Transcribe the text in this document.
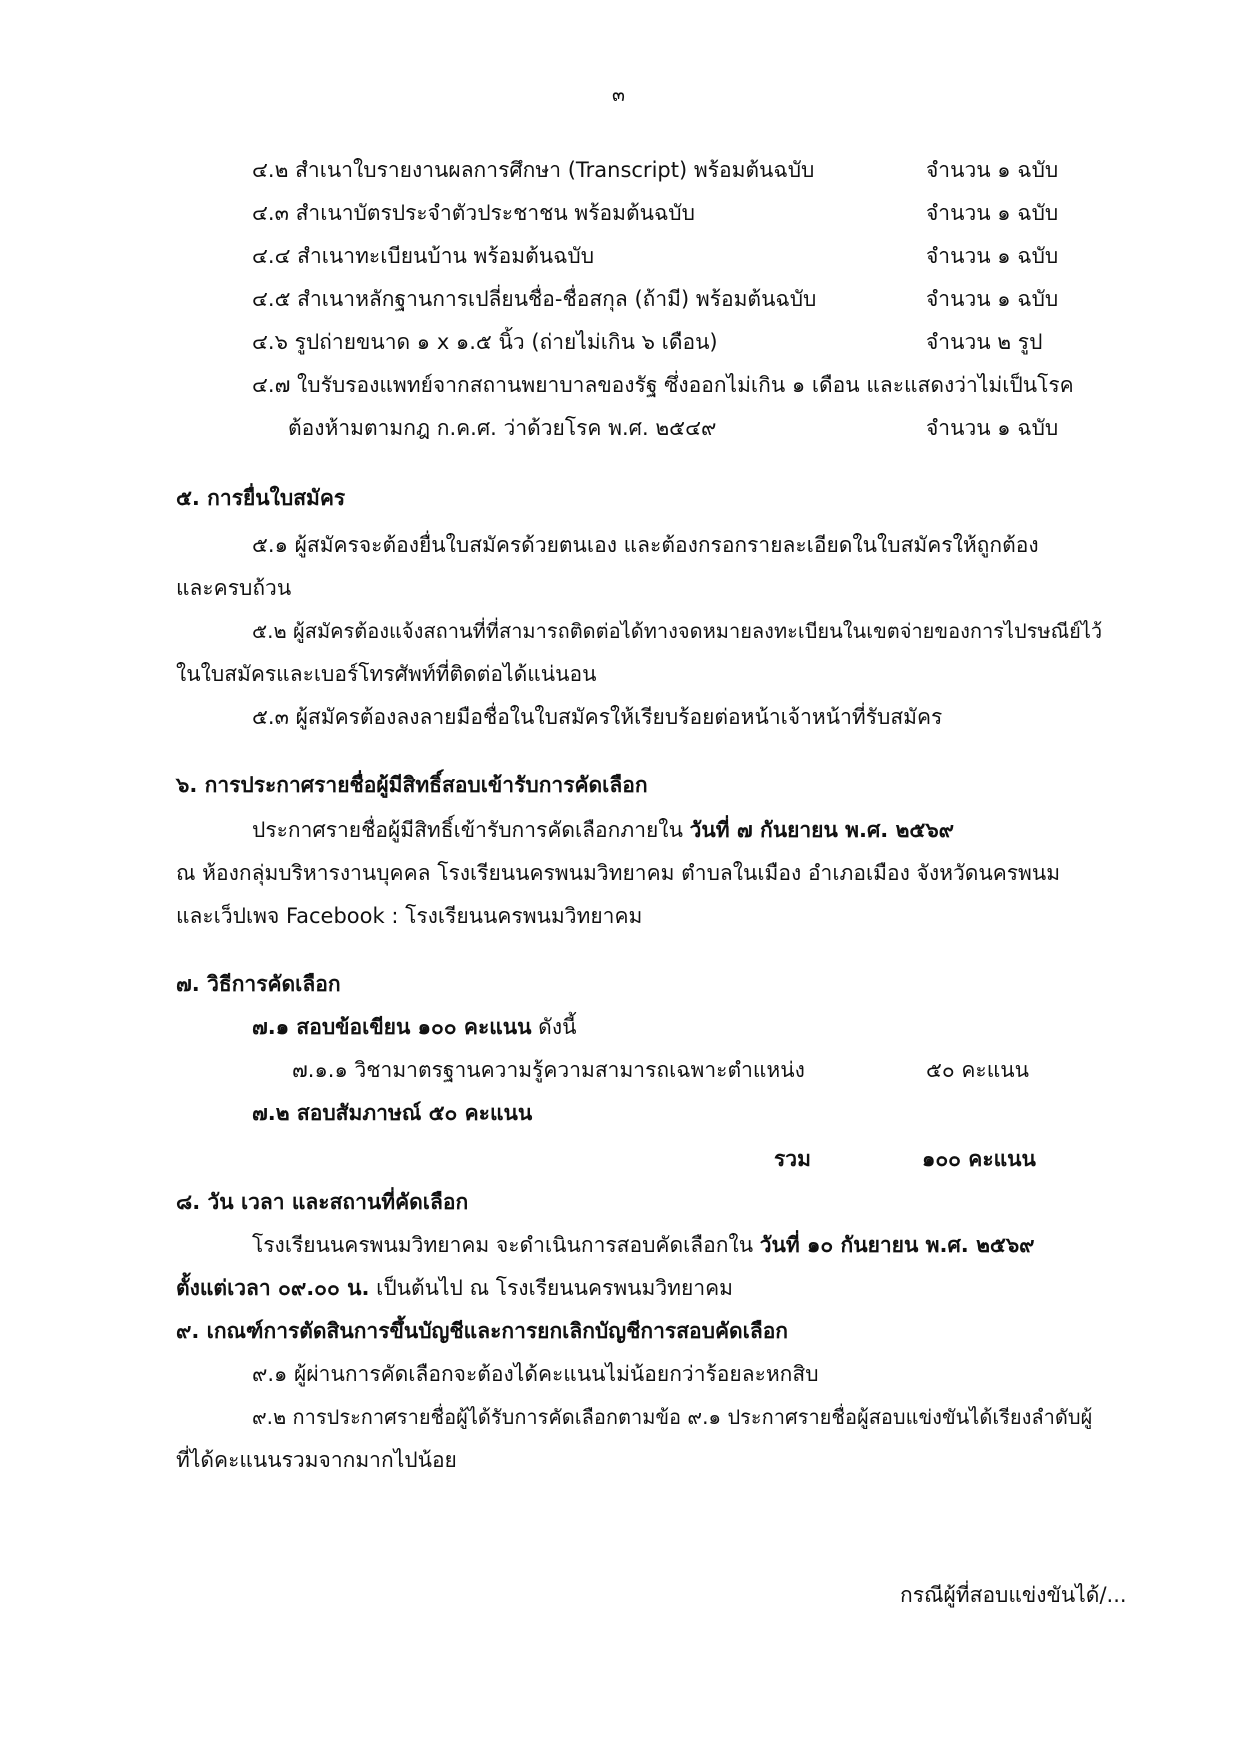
๓
๔.๒ สำเนาใบรายงานผลการศึกษา (Transcript) พร้อมต้นฉบับ	จำนวน ๑ ฉบับ
๔.๓ สำเนาบัตรประจำตัวประชาชน พร้อมต้นฉบับ	จำนวน ๑ ฉบับ
๔.๔ สำเนาทะเบียนบ้าน พร้อมต้นฉบับ	จำนวน ๑ ฉบับ
๔.๕ สำเนาหลักฐานการเปลี่ยนชื่อ-ชื่อสกุล (ถ้ามี) พร้อมต้นฉบับ	จำนวน ๑ ฉบับ
๔.๖ รูปถ่ายขนาด ๑ x ๑.๕ นิ้ว (ถ่ายไม่เกิน ๖ เดือน)	จำนวน ๒ รูป
๔.๗ ใบรับรองแพทย์จากสถานพยาบาลของรัฐ ซึ่งออกไม่เกิน ๑ เดือน และแสดงว่าไม่เป็นโรค
ต้องห้ามตามกฎ ก.ค.ศ. ว่าด้วยโรค พ.ศ. ๒๕๔๙	จำนวน ๑ ฉบับ
๕. การยื่นใบสมัคร
๕.๑ ผู้สมัครจะต้องยื่นใบสมัครด้วยตนเอง และต้องกรอกรายละเอียดในใบสมัครให้ถูกต้อง
และครบถ้วน
๕.๒ ผู้สมัครต้องแจ้งสถานที่ที่สามารถติดต่อได้ทางจดหมายลงทะเบียนในเขตจ่ายของการไปรษณีย์ไว้
ในใบสมัครและเบอร์โทรศัพท์ที่ติดต่อได้แน่นอน
๕.๓ ผู้สมัครต้องลงลายมือชื่อในใบสมัครให้เรียบร้อยต่อหน้าเจ้าหน้าที่รับสมัคร
๖. การประกาศรายชื่อผู้มีสิทธิ์สอบเข้ารับการคัดเลือก
ประกาศรายชื่อผู้มีสิทธิ์เข้ารับการคัดเลือกภายใน วันที่ ๗ กันยายน พ.ศ. ๒๕๖๙
ณ ห้องกลุ่มบริหารงานบุคคล โรงเรียนนครพนมวิทยาคม ตำบลในเมือง อำเภอเมือง จังหวัดนครพนม
และเว็ปเพจ Facebook : โรงเรียนนครพนมวิทยาคม
๗. วิธีการคัดเลือก
๗.๑ สอบข้อเขียน ๑๐๐ คะแนน ดังนี้
๗.๑.๑ วิชามาตรฐานความรู้ความสามารถเฉพาะตำแหน่ง	๕๐ คะแนน
๗.๒ สอบสัมภาษณ์ ๕๐ คะแนน
รวม	๑๐๐ คะแนน
๘. วัน เวลา และสถานที่คัดเลือก
โรงเรียนนครพนมวิทยาคม จะดำเนินการสอบคัดเลือกใน วันที่ ๑๐ กันยายน พ.ศ. ๒๕๖๙
ตั้งแต่เวลา ๐๙.๐๐ น. เป็นต้นไป ณ โรงเรียนนครพนมวิทยาคม
๙. เกณฑ์การตัดสินการขึ้นบัญชีและการยกเลิกบัญชีการสอบคัดเลือก
๙.๑ ผู้ผ่านการคัดเลือกจะต้องได้คะแนนไม่น้อยกว่าร้อยละหกสิบ
๙.๒ การประกาศรายชื่อผู้ได้รับการคัดเลือกตามข้อ ๙.๑ ประกาศรายชื่อผู้สอบแข่งขันได้เรียงลำดับผู้
ที่ได้คะแนนรวมจากมากไปน้อย
กรณีผู้ที่สอบแข่งขันได้/...
